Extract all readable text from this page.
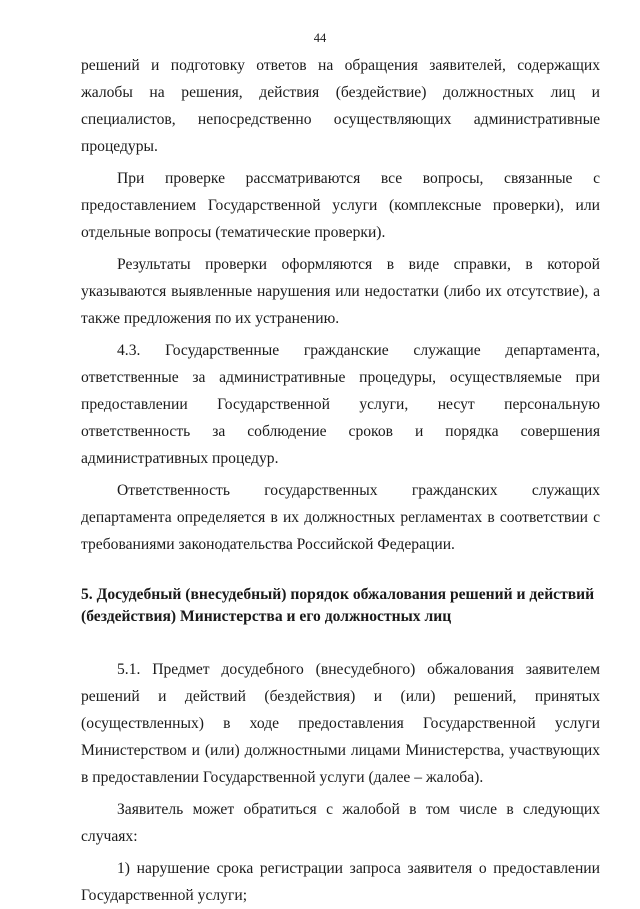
44

решений и подготовку ответов на обращения заявителей, содержащих жалобы на решения, действия (бездействие) должностных лиц и специалистов, непосредственно осуществляющих административные процедуры.

При проверке рассматриваются все вопросы, связанные с предоставлением Государственной услуги (комплексные проверки), или отдельные вопросы (тематические проверки).

Результаты проверки оформляются в виде справки, в которой указываются выявленные нарушения или недостатки (либо их отсутствие), а также предложения по их устранению.

4.3. Государственные гражданские служащие департамента, ответственные за административные процедуры, осуществляемые при предоставлении Государственной услуги, несут персональную ответственность за соблюдение сроков и порядка совершения административных процедур.

Ответственность государственных гражданских служащих департамента определяется в их должностных регламентах в соответствии с требованиями законодательства Российской Федерации.

5. Досудебный (внесудебный) порядок обжалования решений и действий (бездействия) Министерства и его должностных лиц

5.1. Предмет досудебного (внесудебного) обжалования заявителем решений и действий (бездействия) и (или) решений, принятых (осуществленных) в ходе предоставления Государственной услуги Министерством и (или) должностными лицами Министерства, участвующих в предоставлении Государственной услуги (далее – жалоба).

Заявитель может обратиться с жалобой в том числе в следующих случаях:

1) нарушение срока регистрации запроса заявителя о предоставлении Государственной услуги;
